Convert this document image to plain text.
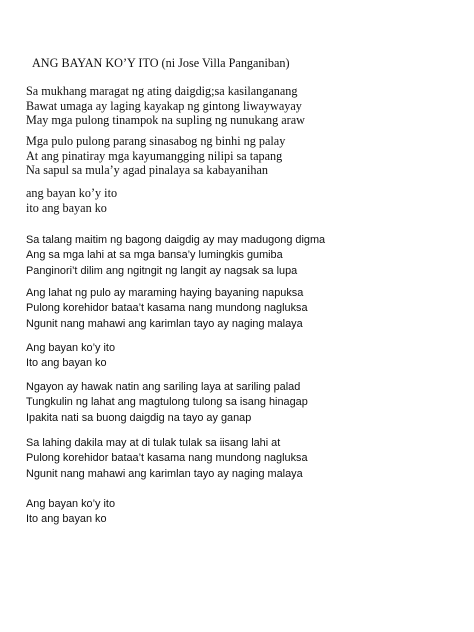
ANG BAYAN KO’Y ITO (ni Jose Villa Panganiban)
Sa mukhang maragat ng ating daigdig;sa kasilanganang
Bawat umaga ay laging kayakap ng gintong liwaywayay
May mga pulong tinampok na supling ng nunukang araw
Mga pulo pulong parang sinasabog ng binhi ng palay
At ang pinatiray mga kayumangging nilipi sa tapang
Na sapul sa mula’y agad pinalaya sa kabayanihan
ang bayan ko’y ito
ito ang bayan ko
Sa talang maitim ng bagong daigdig ay may madugong digma
Ang sa mga lahi at sa mga bansa’y lumingkis gumiba
Panginori’t dilim ang ngitngit ng langit ay nagsak sa lupa
Ang lahat ng pulo ay maraming haying bayaning napuksa
Pulong korehidor bataa’t kasama nang mundong nagluksa
Ngunit nang mahawi ang karimlan tayo ay naging malaya
Ang bayan ko’y ito
Ito ang bayan ko
Ngayon ay hawak natin ang sariling laya at sariling palad
Tungkulin ng lahat ang magtulong tulong sa isang hinagap
Ipakita nati sa buong daigdig na tayo ay ganap
Sa lahing dakila may at di tulak tulak sa iisang lahi at
Pulong korehidor bataa’t kasama nang mundong nagluksa
Ngunit nang mahawi ang karimlan tayo ay naging malaya
Ang bayan ko’y ito
Ito ang bayan ko
